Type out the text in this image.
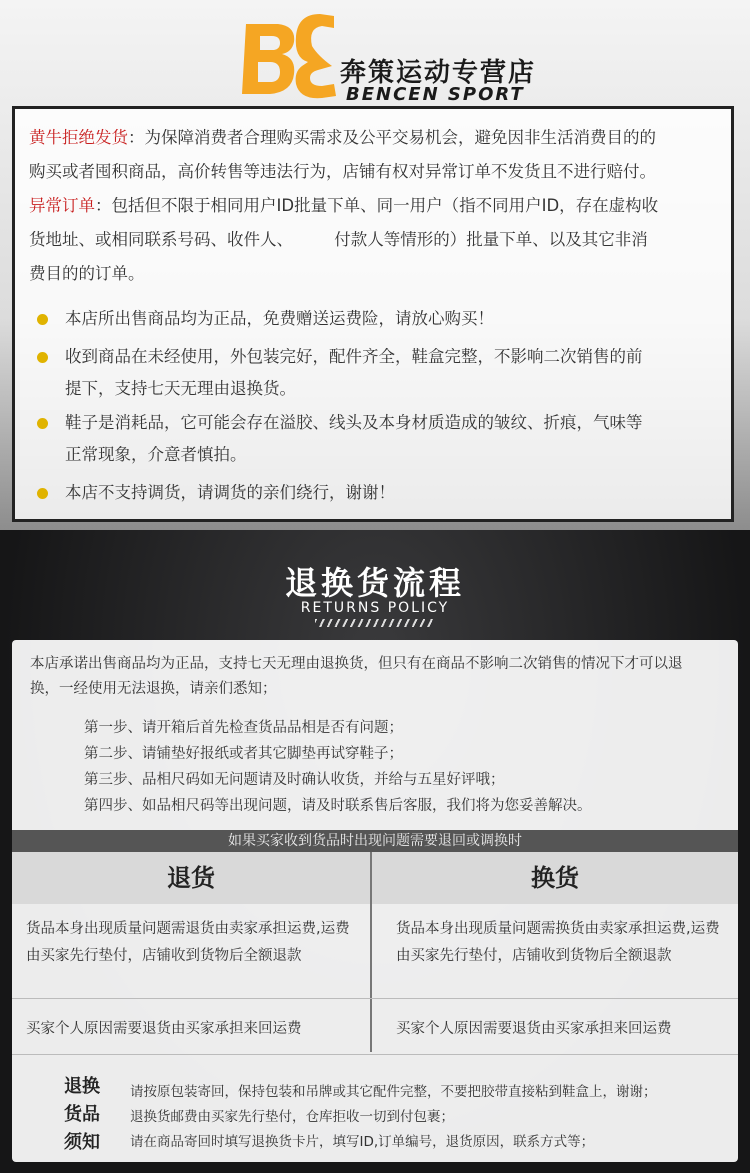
奔策运动专营店
BENCEN SPORT
黄牛拒绝发货：为保障消费者合理购买需求及公平交易机会，避免因非生活消费目的的
购买或者囤积商品，高价转售等违法行为，店铺有权对异常订单不发货且不进行赔付。
异常订单：包括但不限于相同用户ID批量下单、同一用户（指不同用户ID，存在虚构收
货地址、或相同联系号码、收件人、　　　付款人等情形的）批量下单、以及其它非消
费目的的订单。
本店所出售商品均为正品，免费赠送运费险，请放心购买！
收到商品在未经使用，外包装完好，配件齐全，鞋盒完整，不影响二次销售的前
提下，支持七天无理由退换货。
鞋子是消耗品，它可能会存在溢胶、线头及本身材质造成的皱纹、折痕，气味等
正常现象，介意者慎拍。
本店不支持调货，请调货的亲们绕行，谢谢！
退换货流程
RETURNS POLICY
本店承诺出售商品均为正品，支持七天无理由退换货，但只有在商品不影响二次销售的情况下才可以退
换，一经使用无法退换，请亲们悉知；
第一步、请开箱后首先检查货品品相是否有问题；
第二步、请铺垫好报纸或者其它脚垫再试穿鞋子；
第三步、品相尺码如无问题请及时确认收货，并给与五星好评哦；
第四步、如品相尺码等出现问题，请及时联系售后客服，我们将为您妥善解决。
如果买家收到货品时出现问题需要退回或调换时
退货	换货
货品本身出现质量问题需退货由卖家承担运费,运费
由买家先行垫付，店铺收到货物后全额退款
货品本身出现质量问题需换货由卖家承担运费,运费
由买家先行垫付，店铺收到货物后全额退款
买家个人原因需要退货由买家承担来回运费	买家个人原因需要退货由买家承担来回运费
退换
货品
须知
请按原包装寄回，保持包装和吊牌或其它配件完整，不要把胶带直接粘到鞋盒上，谢谢；
退换货邮费由买家先行垫付，仓库拒收一切到付包裹；
请在商品寄回时填写退换货卡片，填写ID,订单编号，退货原因，联系方式等；
